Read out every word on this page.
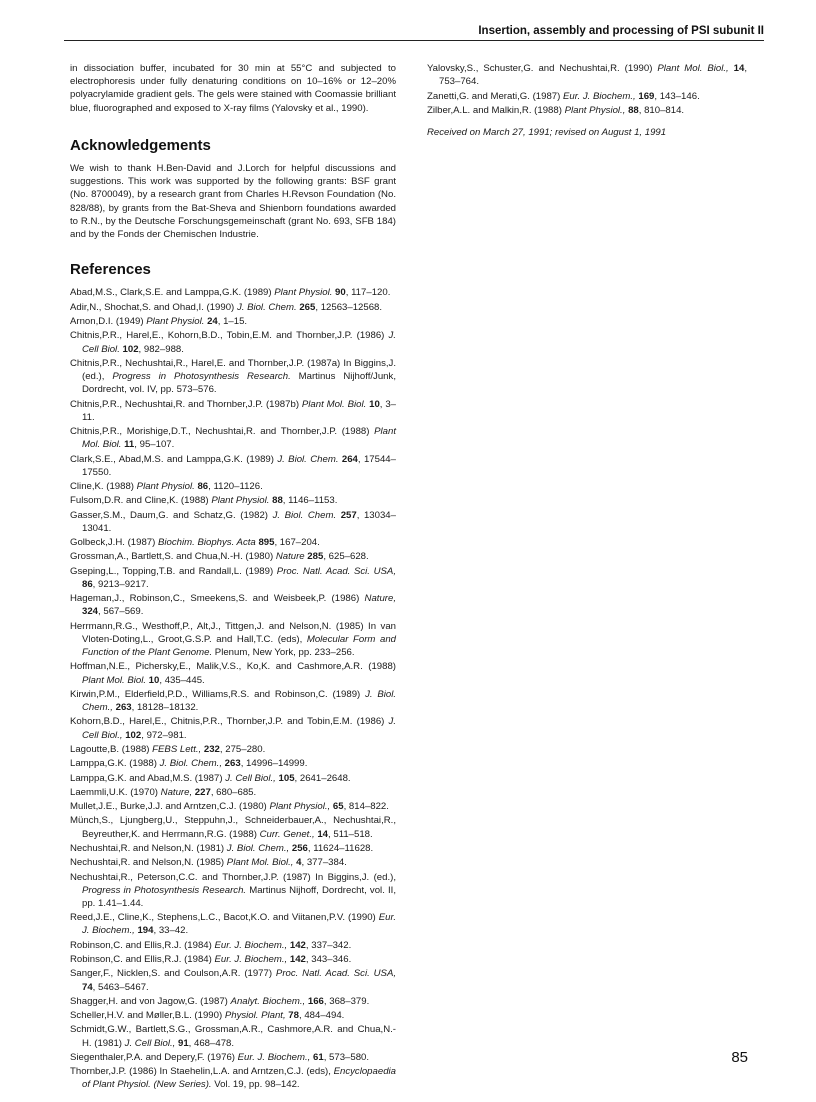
Insertion, assembly and processing of PSI subunit II

in dissociation buffer, incubated for 30 min at 55°C and subjected to electrophoresis under fully denaturing conditions on 10–16% or 12–20% polyacrylamide gradient gels. The gels were stained with Coomassie brilliant blue, fluorographed and exposed to X-ray films (Yalovsky et al., 1990).

Acknowledgements

We wish to thank H.Ben-David and J.Lorch for helpful discussions and suggestions. This work was supported by the following grants: BSF grant (No. 8700049), by a research grant from Charles H.Revson Foundation (No. 828/88), by grants from the Bat-Sheva and Shienborn foundations awarded to R.N., by the Deutsche Forschungsgemeinschaft (grant No. 693, SFB 184) and by the Fonds der Chemischen Industrie.

References
Abad,M.S., Clark,S.E. and Lamppa,G.K. (1989) Plant Physiol. 90, 117–120.
Adir,N., Shochat,S. and Ohad,I. (1990) J. Biol. Chem. 265, 12563–12568.
Arnon,D.I. (1949) Plant Physiol. 24, 1–15.
Chitnis,P.R., Harel,E., Kohorn,B.D., Tobin,E.M. and Thornber,J.P. (1986) J. Cell Biol. 102, 982–988.
Chitnis,P.R., Nechushtai,R., Harel,E. and Thornber,J.P. (1987a) In Biggins,J. (ed.), Progress in Photosynthesis Research. Martinus Nijhoff/Junk, Dordrecht, vol. IV, pp. 573–576.
Chitnis,P.R., Nechushtai,R. and Thornber,J.P. (1987b) Plant Mol. Biol. 10, 3–11.
Chitnis,P.R., Morishige,D.T., Nechushtai,R. and Thornber,J.P. (1988) Plant Mol. Biol. 11, 95–107.
Clark,S.E., Abad,M.S. and Lamppa,G.K. (1989) J. Biol. Chem. 264, 17544–17550.
Cline,K. (1988) Plant Physiol. 86, 1120–1126.
Fulsom,D.R. and Cline,K. (1988) Plant Physiol. 88, 1146–1153.
Gasser,S.M., Daum,G. and Schatz,G. (1982) J. Biol. Chem. 257, 13034–13041.
Golbeck,J.H. (1987) Biochim. Biophys. Acta 895, 167–204.
Grossman,A., Bartlett,S. and Chua,N.-H. (1980) Nature 285, 625–628.
Gseping,L., Topping,T.B. and Randall,L. (1989) Proc. Natl. Acad. Sci. USA, 86, 9213–9217.
Hageman,J., Robinson,C., Smeekens,S. and Weisbeek,P. (1986) Nature, 324, 567–569.
Herrmann,R.G., Westhoff,P., Alt,J., Tittgen,J. and Nelson,N. (1985) In van Vloten-Doting,L., Groot,G.S.P. and Hall,T.C. (eds), Molecular Form and Function of the Plant Genome. Plenum, New York, pp. 233–256.
Hoffman,N.E., Pichersky,E., Malik,V.S., Ko,K. and Cashmore,A.R. (1988) Plant Mol. Biol. 10, 435–445.
Kirwin,P.M., Elderfield,P.D., Williams,R.S. and Robinson,C. (1989) J. Biol. Chem., 263, 18128–18132.
Kohorn,B.D., Harel,E., Chitnis,P.R., Thornber,J.P. and Tobin,E.M. (1986) J. Cell Biol., 102, 972–981.
Lagoutte,B. (1988) FEBS Lett., 232, 275–280.
Lamppa,G.K. (1988) J. Biol. Chem., 263, 14996–14999.
Lamppa,G.K. and Abad,M.S. (1987) J. Cell Biol., 105, 2641–2648.
Laemmli,U.K. (1970) Nature, 227, 680–685.
Mullet,J.E., Burke,J.J. and Arntzen,C.J. (1980) Plant Physiol., 65, 814–822.
Münch,S., Ljungberg,U., Steppuhn,J., Schneiderbauer,A., Nechushtai,R., Beyreuther,K. and Herrmann,R.G. (1988) Curr. Genet., 14, 511–518.
Nechushtai,R. and Nelson,N. (1981) J. Biol. Chem., 256, 11624–11628.
Nechushtai,R. and Nelson,N. (1985) Plant Mol. Biol., 4, 377–384.
Nechushtai,R., Peterson,C.C. and Thornber,J.P. (1987) In Biggins,J. (ed.), Progress in Photosynthesis Research. Martinus Nijhoff, Dordrecht, vol. II, pp. 1.41–1.44.
Reed,J.E., Cline,K., Stephens,L.C., Bacot,K.O. and Viitanen,P.V. (1990) Eur. J. Biochem., 194, 33–42.
Robinson,C. and Ellis,R.J. (1984) Eur. J. Biochem., 142, 337–342.
Robinson,C. and Ellis,R.J. (1984) Eur. J. Biochem., 142, 343–346.
Sanger,F., Nicklen,S. and Coulson,A.R. (1977) Proc. Natl. Acad. Sci. USA, 74, 5463–5467.
Shagger,H. and von Jagow,G. (1987) Analyt. Biochem., 166, 368–379.
Scheller,H.V. and Møller,B.L. (1990) Physiol. Plant, 78, 484–494.
Schmidt,G.W., Bartlett,S.G., Grossman,A.R., Cashmore,A.R. and Chua,N.-H. (1981) J. Cell Biol., 91, 468–478.
Siegenthaler,P.A. and Depery,F. (1976) Eur. J. Biochem., 61, 573–580.
Thornber,J.P. (1986) In Staehelin,L.A. and Arntzen,C.J. (eds), Encyclopaedia of Plant Physiol. (New Series). Vol. 19, pp. 98–142.
Yalovsky,S., Schuster,G. and Nechushtai,R. (1990) Plant Mol. Biol., 14, 753–764.
Zanetti,G. and Merati,G. (1987) Eur. J. Biochem., 169, 143–146.
Zilber,A.L. and Malkin,R. (1988) Plant Physiol., 88, 810–814.
Received on March 27, 1991; revised on August 1, 1991
85
